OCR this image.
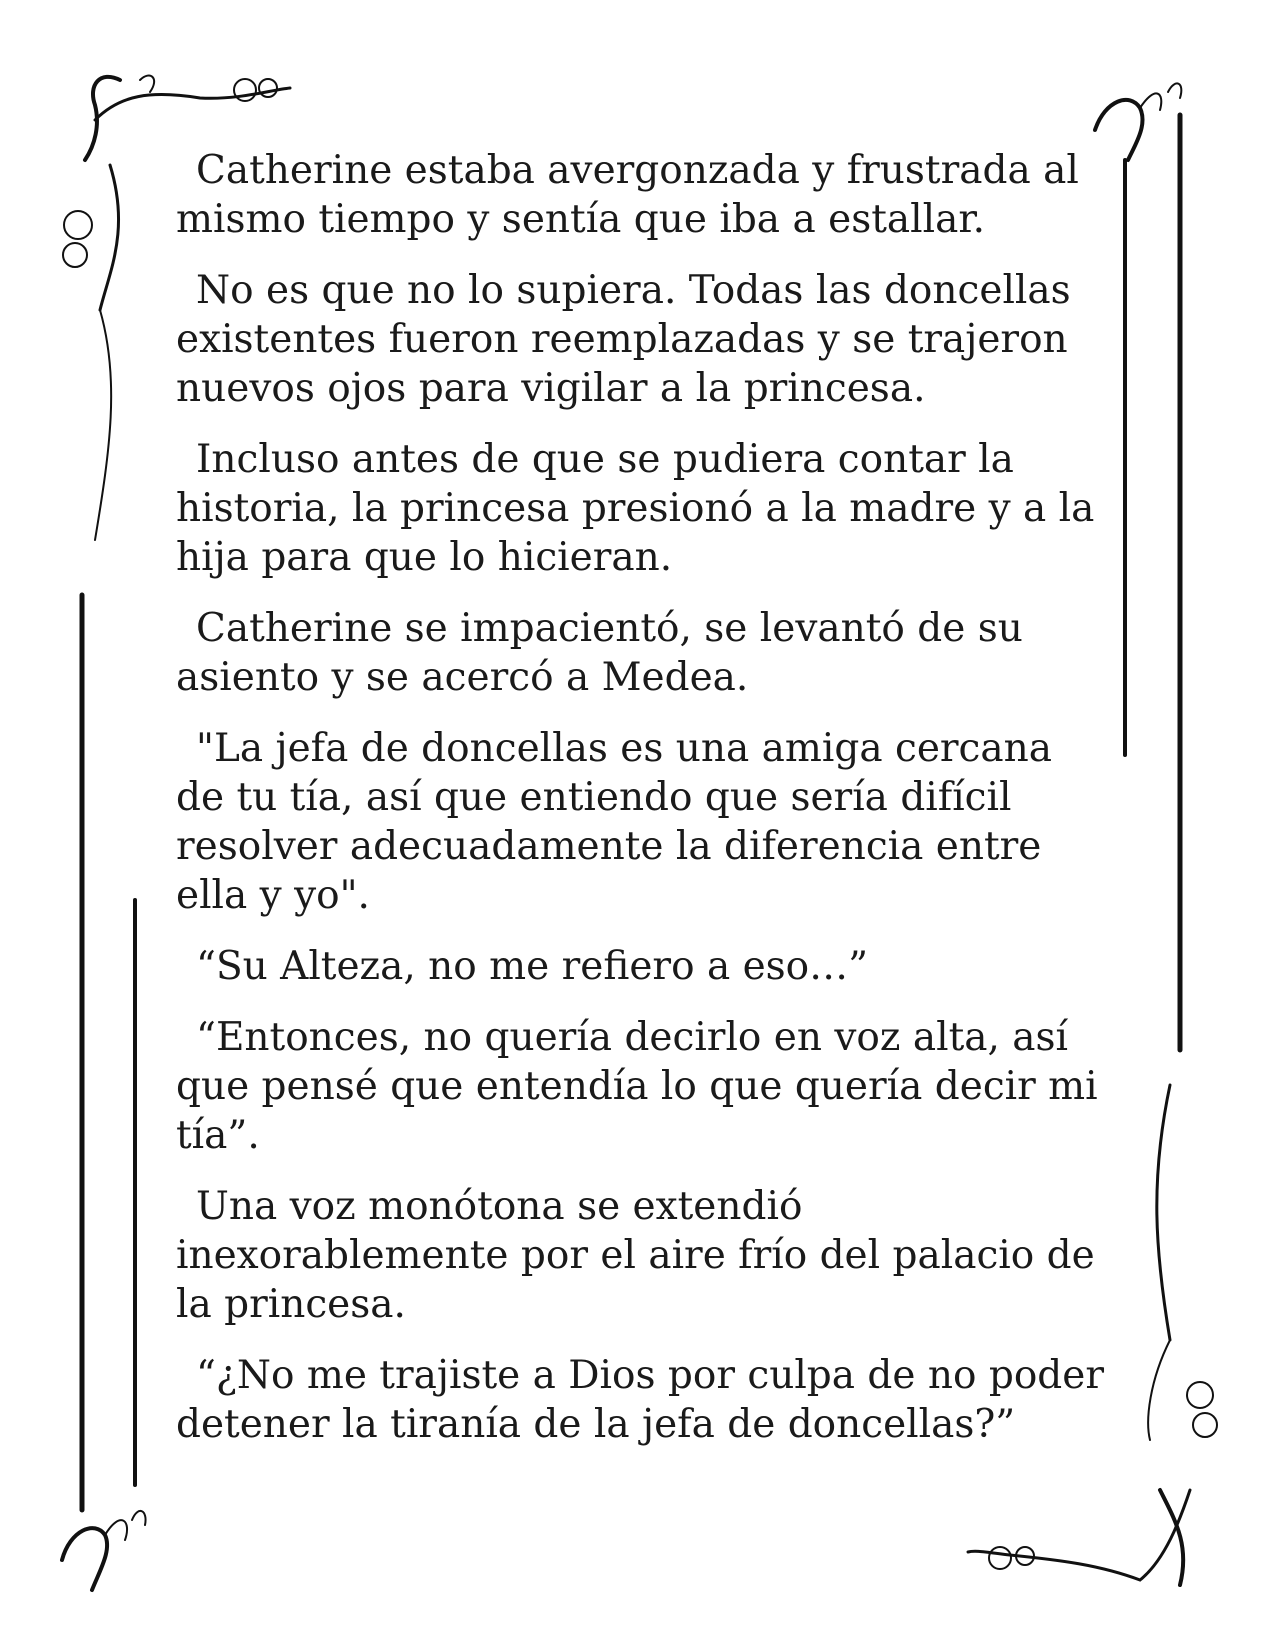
Catherine estaba avergonzada y frustrada al mismo tiempo y sentía que iba a estallar.

No es que no lo supiera. Todas las doncellas existentes fueron reemplazadas y se trajeron nuevos ojos para vigilar a la princesa.

Incluso antes de que se pudiera contar la historia, la princesa presionó a la madre y a la hija para que lo hicieran.

Catherine se impacientó, se levantó de su asiento y se acercó a Medea.

"La jefa de doncellas es una amiga cercana de tu tía, así que entiendo que sería difícil resolver adecuadamente la diferencia entre ella y yo".

“Su Alteza, no me refiero a eso…”

“Entonces, no quería decirlo en voz alta, así que pensé que entendía lo que quería decir mi tía”.

Una voz monótona se extendió inexorablemente por el aire frío del palacio de la princesa.

“¿No me trajiste a Dios por culpa de no poder detener la tiranía de la jefa de doncellas?”
